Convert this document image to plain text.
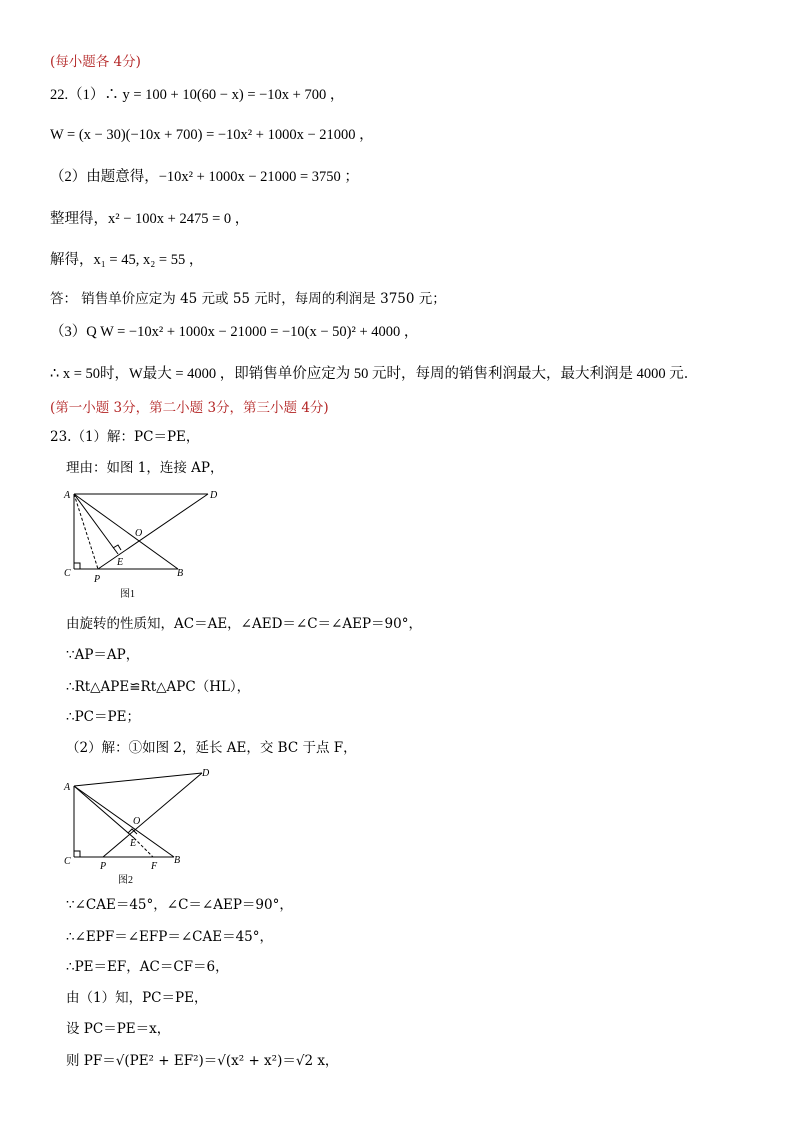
(每小题各 4分)
22.（1）∴ y = 100 + 10(60 − x) = −10x + 700 ，
W = (x − 30)(−10x + 700) = −10x² + 1000x − 21000 ，
（2）由题意得，−10x² + 1000x − 21000 = 3750 ；
整理得，x² − 100x + 2475 = 0 ，
解得，x₁ = 45, x₂ = 55 ，
答： 销售单价应定为 45 元或 55 元时，每周的利润是 3750 元；
（3）Q W = −10x² + 1000x − 21000 = −10(x − 50)² + 4000 ，
∴ x = 50时，W最大 = 4000 ，即销售单价应定为 50 元时，每周的销售利润最大，最大利润是 4000 元．
(第一小题 3分，第二小题 3分，第三小题 4分)
23.（1）解：PC＝PE，
理由：如图 1，连接 AP，
A	D
O
E
C
P
B
图1
由旋转的性质知，AC＝AE，∠AED＝∠C＝∠AEP＝90°，
∵AP＝AP，
∴Rt△APE≌Rt△APC（HL），
∴PC＝PE；
（2）解：①如图 2，延长 AE，交 BC 于点 F，
A
D
O
E
C	P	F
B
图2
∵∠CAE＝45°，∠C＝∠AEP＝90°，
∴∠EPF＝∠EFP＝∠CAE＝45°，
∴PE＝EF，AC＝CF＝6，
由（1）知，PC＝PE，
设 PC＝PE＝x，
则 PF＝√(PE² + EF²)＝√(x² + x²)＝√2 x，
